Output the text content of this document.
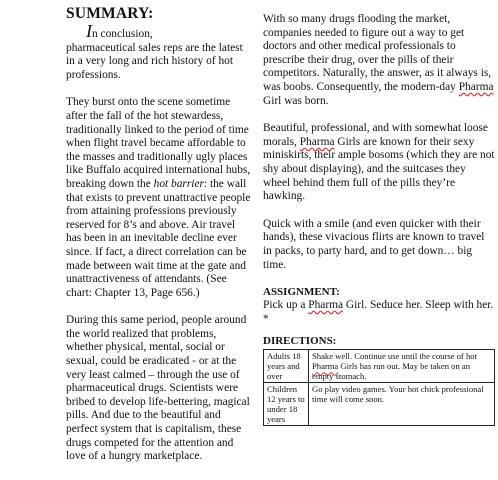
SUMMARY:

In conclusion,
pharmaceutical sales reps are the latest in a very long and rich history of hot professions.

They burst onto the scene sometime after the fall of the hot stewardess, traditionally linked to the period of time when flight travel became affordable to the masses and traditionally ugly places like Buffalo acquired international hubs, breaking down the hot barrier: the wall that exists to prevent unattractive people from attaining professions previously reserved for 8’s and above. Air travel has been in an inevitable decline ever since. If fact, a direct correlation can be made between wait time at the gate and unattractiveness of attendants. (See chart: Chapter 13, Page 656.)

During this same period, people around the world realized that problems, whether physical, mental, social or sexual, could be eradicated - or at the very least calmed – through the use of pharmaceutical drugs. Scientists were bribed to develop life-bettering, magical pills. And due to the beautiful and perfect system that is capitalism, these drugs competed for the attention and love of a hungry marketplace.

With so many drugs flooding the market, companies needed to figure out a way to get doctors and other medical professionals to prescribe their drug, over the pills of their competitors. Naturally, the answer, as it always is, was boobs. Consequently, the modern-day Pharma Girl was born.

Beautiful, professional, and with somewhat loose morals, Pharma Girls are known for their sexy miniskirts, their ample bosoms (which they are not shy about displaying), and the suitcases they wheel behind them full of the pills they’re hawking.

Quick with a smile (and even quicker with their hands), these vivacious flirts are known to travel in packs, to party hard, and to get down… big time.

ASSIGNMENT:

Pick up a Pharma Girl. Seduce her. Sleep with her. *

DIRECTIONS:
Adults 18 years and over	Shake well. Continue use until the course of hot Pharma Girls has run out. May be taken on an empty stomach.
Children 12 years to under 18 years	Go play video games. Your hot chick professional time will come soon.
